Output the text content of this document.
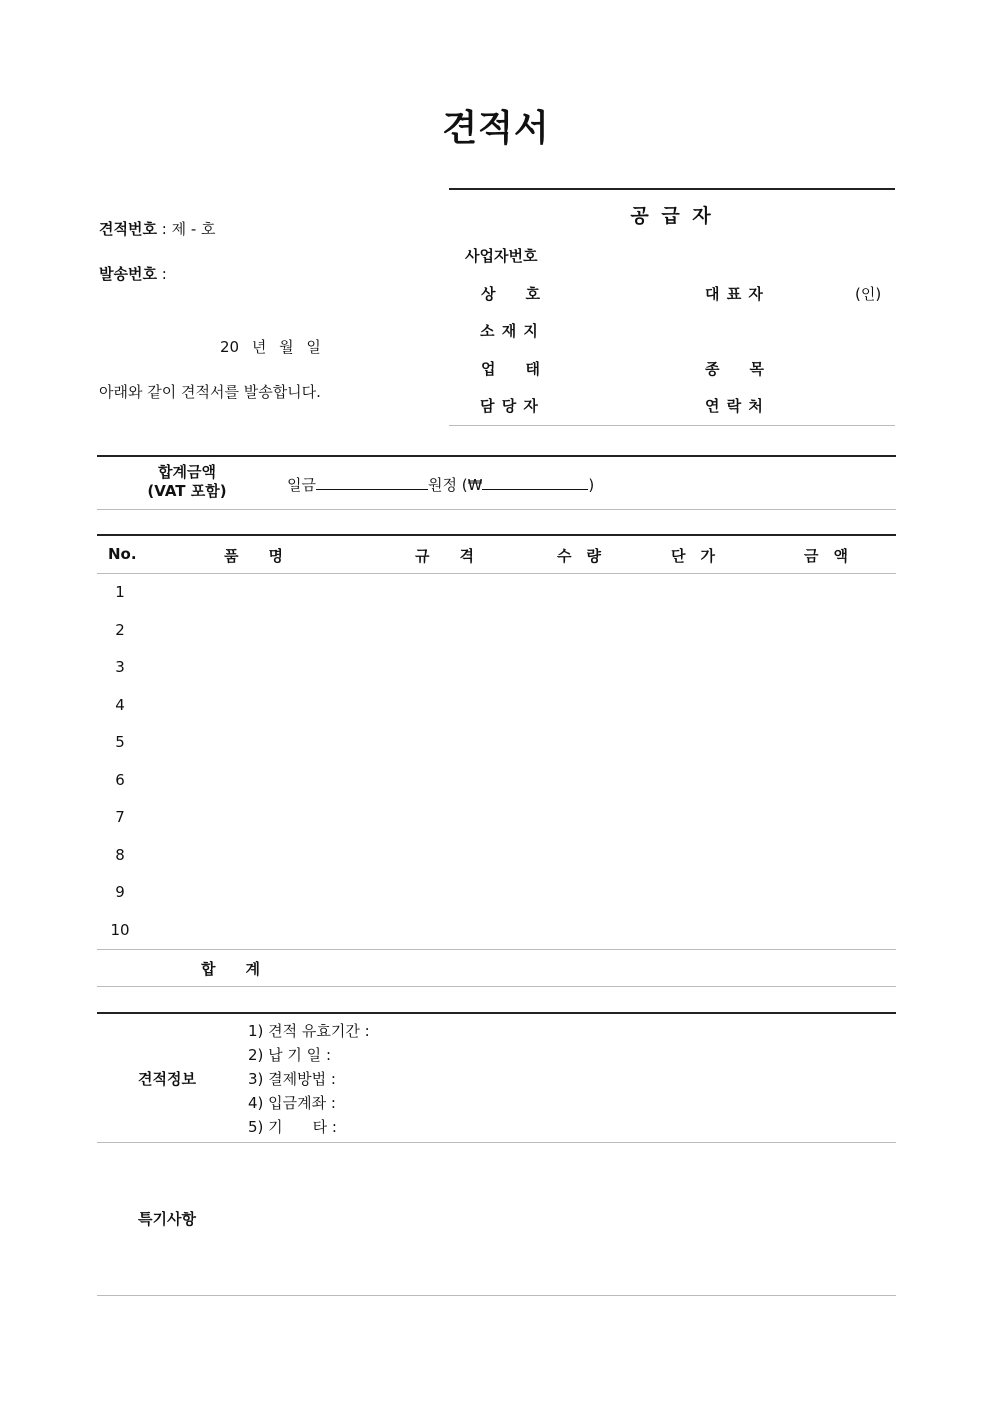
견적서
견적번호 : 제 - 호
발송번호 :
20 년 월 일
아래와 같이 견적서를 발송합니다.
공 급 자
사업자번호
상　　호	대 표 자	(인)
소 재 지
업　　태	종　　목
담 당 자	연 락 처
합계금액
(VAT 포함)	일금	원정 (₩	)
No.	품　　명	규　　격	수　량	단　가	금　액
1
2
3
4
5
6
7
8
9
10
합　　계
견적정보
1) 견적 유효기간 :
2) 납 기 일 :
3) 결제방법 :
4) 입금계좌 :
5) 기　　타 :
특기사항
